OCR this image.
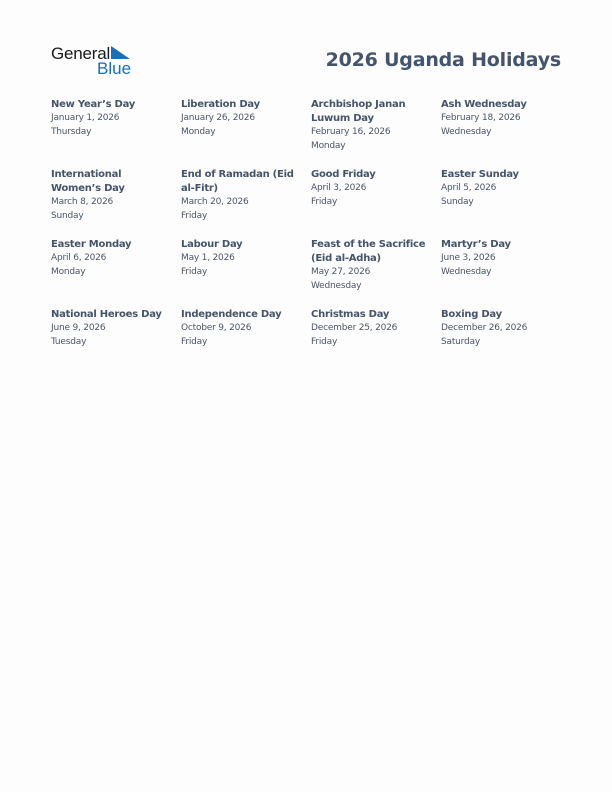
General
Blue	2026 Uganda Holidays
New Year’s Day
January 1, 2026
Thursday
Liberation Day
January 26, 2026
Monday
Archbishop Janan Luwum Day
February 16, 2026
Monday
Ash Wednesday
February 18, 2026
Wednesday
International Women’s Day
March 8, 2026
Sunday
End of Ramadan (Eid al-Fitr)
March 20, 2026
Friday
Good Friday
April 3, 2026
Friday
Easter Sunday
April 5, 2026
Sunday
Easter Monday
April 6, 2026
Monday
Labour Day
May 1, 2026
Friday
Feast of the Sacrifice (Eid al-Adha)
May 27, 2026
Wednesday
Martyr’s Day
June 3, 2026
Wednesday
National Heroes Day
June 9, 2026
Tuesday
Independence Day
October 9, 2026
Friday
Christmas Day
December 25, 2026
Friday
Boxing Day
December 26, 2026
Saturday
